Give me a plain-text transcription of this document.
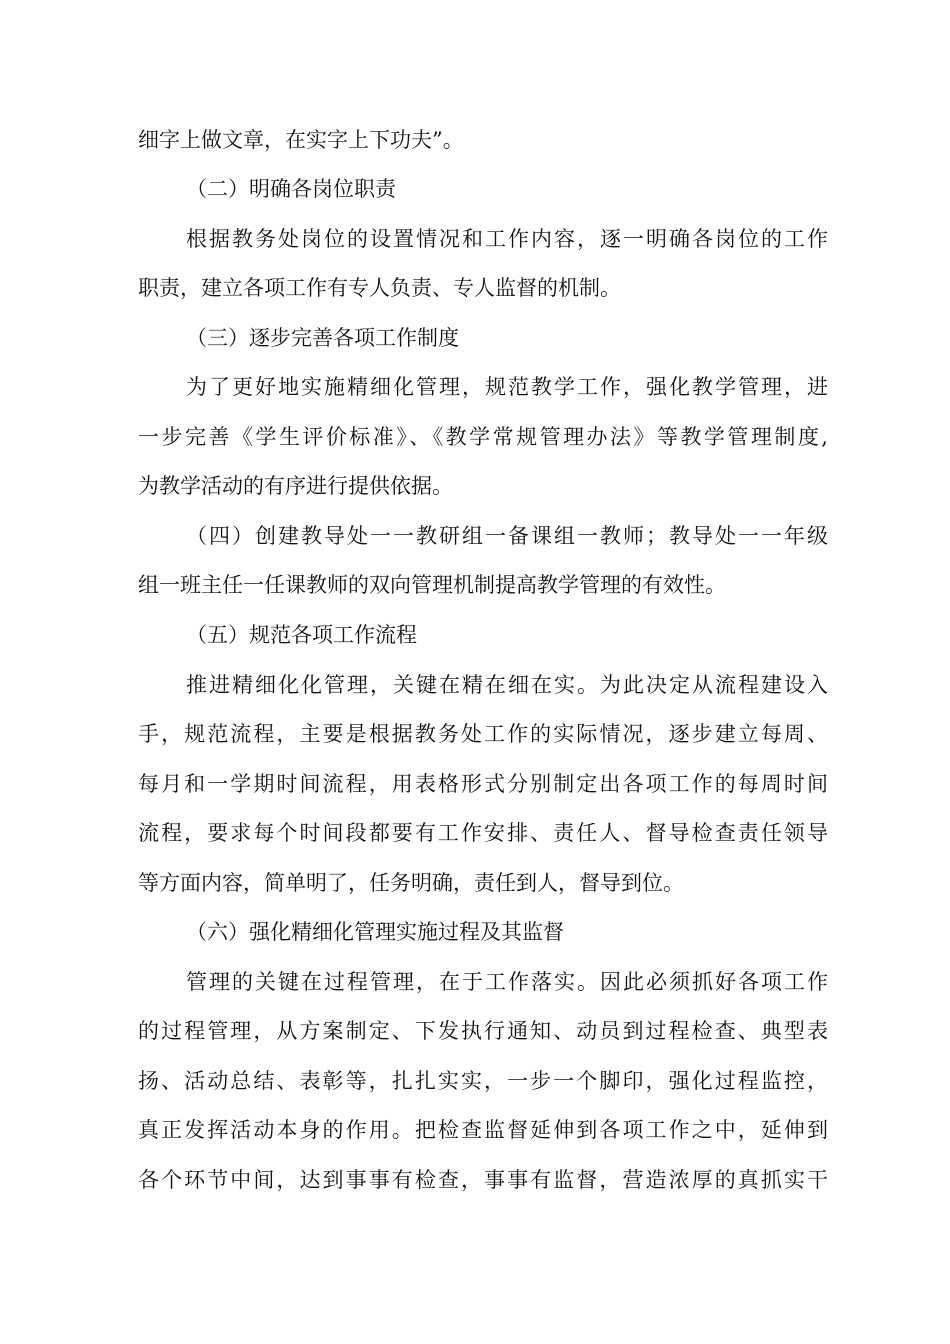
细字上做文章，在实字上下功夫”。
（二）明确各岗位职责
根据教务处岗位的设置情况和工作内容，逐一明确各岗位的工作
职责，建立各项工作有专人负责、专人监督的机制。
（三）逐步完善各项工作制度
为了更好地实施精细化管理，规范教学工作，强化教学管理，进
一步完善《学生评价标准》、《教学常规管理办法》等教学管理制度,
为教学活动的有序进行提供依据。
（四）创建教导处一一教研组一备课组一教师；教导处一一年级
组一班主任一任课教师的双向管理机制提高教学管理的有效性。
（五）规范各项工作流程
推进精细化化管理，关键在精在细在实。为此决定从流程建设入
手，规范流程，主要是根据教务处工作的实际情况，逐步建立每周、
每月和一学期时间流程，用表格形式分别制定出各项工作的每周时间
流程，要求每个时间段都要有工作安排、责任人、督导检查责任领导
等方面内容，简单明了，任务明确，责任到人，督导到位。
（六）强化精细化管理实施过程及其监督
管理的关键在过程管理，在于工作落实。因此必须抓好各项工作
的过程管理，从方案制定、下发执行通知、动员到过程检查、典型表
扬、活动总结、表彰等，扎扎实实，一步一个脚印，强化过程监控，
真正发挥活动本身的作用。把检查监督延伸到各项工作之中，延伸到
各个环节中间，达到事事有检查，事事有监督，营造浓厚的真抓实干
